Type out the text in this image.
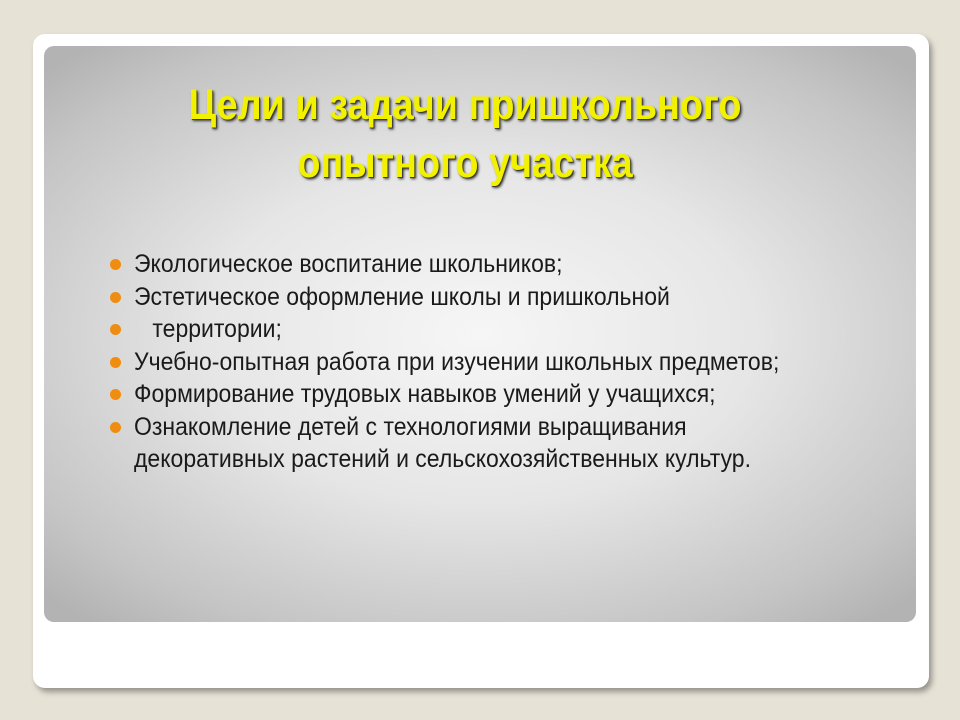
Цели и задачи пришкольного опытного участка
Экологическое воспитание школьников;
Эстетическое оформление школы и пришкольной
территории;
Учебно-опытная работа при изучении школьных предметов;
Формирование трудовых навыков умений у учащихся;
Ознакомление детей с технологиями выращивания
декоративных растений и сельскохозяйственных культур.
